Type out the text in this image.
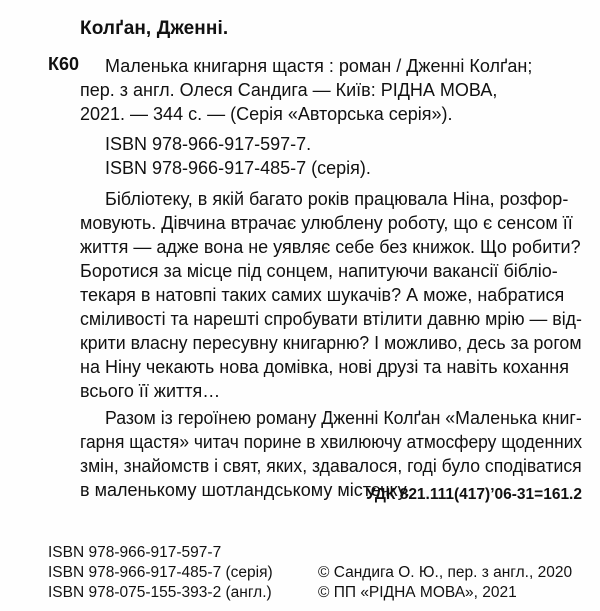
Колґан, Дженні.
К60 Маленька книгарня щастя : роман / Дженні Колґан;
пер. з англ. Олеся Сандига — Київ: РІДНА МОВА,
2021. — 344 с. — (Серія «Авторська серія»).
ISBN 978-966-917-597-7.
ISBN 978-966-917-485-7 (серія).
Бібліотеку, в якій багато років працювала Ніна, розфор-
мовують. Дівчина втрачає улюблену роботу, що є сенсом її
життя — адже вона не уявляє себе без книжок. Що робити?
Боротися за місце під сонцем, напитуючи вакансії бібліо-
текаря в натовпі таких самих шукачів? А може, набратися
сміливості та нарешті спробувати втілити давню мрію — від-
крити власну пересувну книгарню? І можливо, десь за рогом
на Ніну чекають нова домівка, нові друзі та навіть кохання
всього її життя…
Разом із героїнею роману Дженні Колґан «Маленька книг-
гарня щастя» читач порине в хвилюючу атмосферу щоденних
змін, знайомств і свят, яких, здавалося, годі було сподіватися
в маленькому шотландському містечку.
УДК 821.111(417)’06-31=161.2
ISBN 978-966-917-597-7
ISBN 978-966-917-485-7 (серія)
ISBN 978-075-155-393-2 (англ.)
© Сандига О. Ю., пер. з англ., 2020
© ПП «РІДНА МОВА», 2021
